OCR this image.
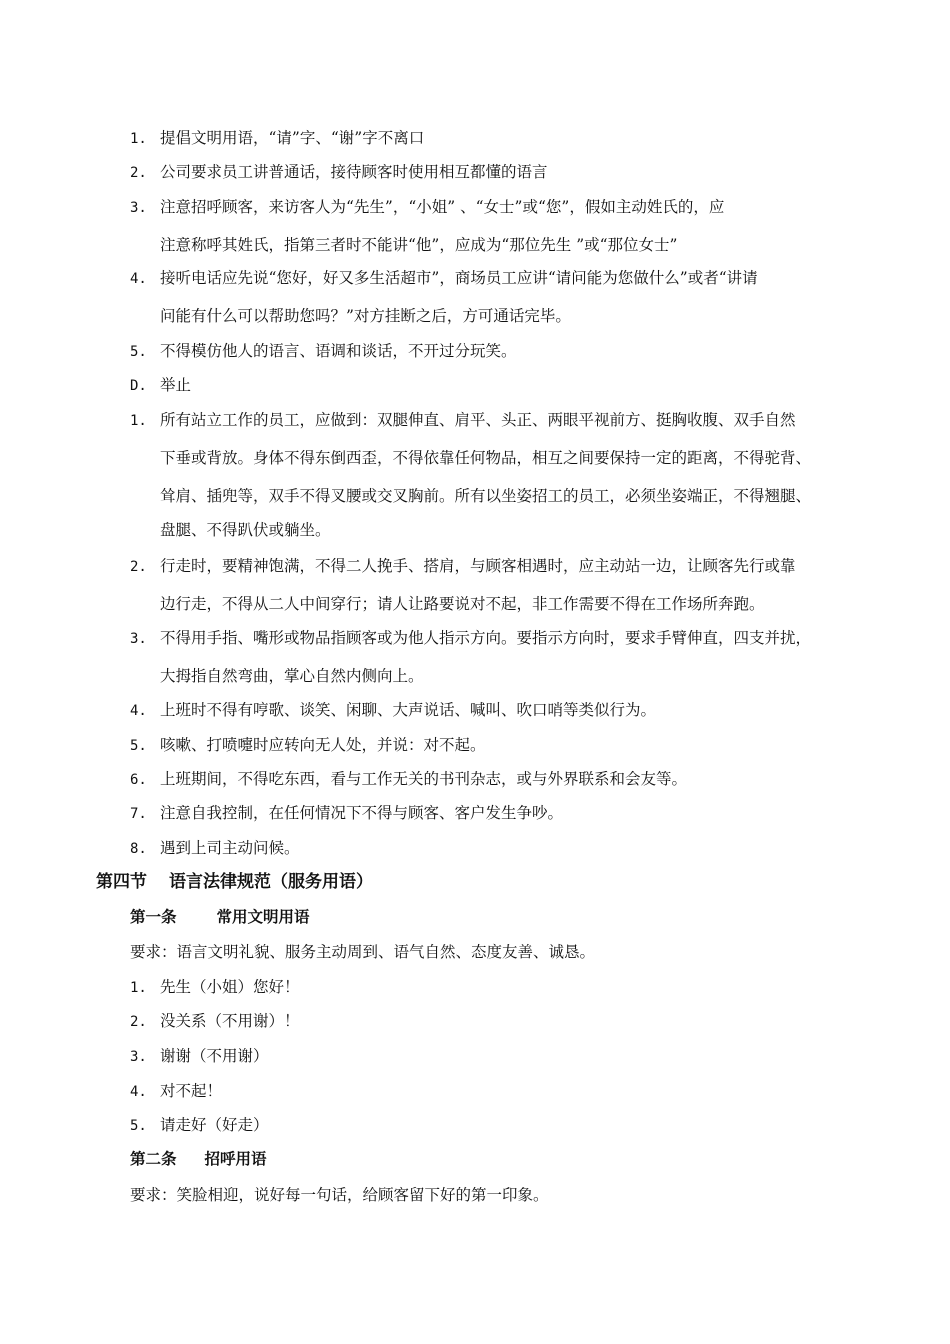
1. 提倡文明用语，“请”字、“谢”字不离口
2. 公司要求员工讲普通话，接待顾客时使用相互都懂的语言
3. 注意招呼顾客，来访客人为“先生”，“小姐” 、“女士”或“您”，假如主动姓氏的，应
注意称呼其姓氏，指第三者时不能讲“他”，应成为“那位先生 ”或“那位女士”
4. 接听电话应先说“您好，好又多生活超市”，商场员工应讲“请问能为您做什么”或者“讲请
问能有什么可以帮助您吗？”对方挂断之后，方可通话完毕。
5. 不得模仿他人的语言、语调和谈话，不开过分玩笑。
D. 举止
1. 所有站立工作的员工，应做到：双腿伸直、肩平、头正、两眼平视前方、挺胸收腹、双手自然
下垂或背放。身体不得东倒西歪，不得依靠任何物品，相互之间要保持一定的距离，不得驼背、
耸肩、插兜等，双手不得叉腰或交叉胸前。所有以坐姿招工的员工，必须坐姿端正，不得翘腿、
盘腿、不得趴伏或躺坐。
2. 行走时，要精神饱满，不得二人挽手、搭肩，与顾客相遇时，应主动站一边，让顾客先行或靠
边行走，不得从二人中间穿行；请人让路要说对不起，非工作需要不得在工作场所奔跑。
3. 不得用手指、嘴形或物品指顾客或为他人指示方向。要指示方向时，要求手臂伸直，四支并扰，
大拇指自然弯曲，掌心自然内侧向上。
4. 上班时不得有哼歌、谈笑、闲聊、大声说话、喊叫、吹口哨等类似行为。
5. 咳嗽、打喷嚏时应转向无人处，并说：对不起。
6. 上班期间，不得吃东西，看与工作无关的书刊杂志，或与外界联系和会友等。
7. 注意自我控制，在任何情况下不得与顾客、客户发生争吵。
8. 遇到上司主动问候。
第四节 语言法律规范（服务用语）
第一条	常用文明用语
要求：语言文明礼貌、服务主动周到、语气自然、态度友善、诚恳。
1. 先生（小姐）您好！
2. 没关系（不用谢）！
3. 谢谢（不用谢）
4. 对不起！
5. 请走好（好走）
第二条 招呼用语
要求：笑脸相迎，说好每一句话，给顾客留下好的第一印象。
